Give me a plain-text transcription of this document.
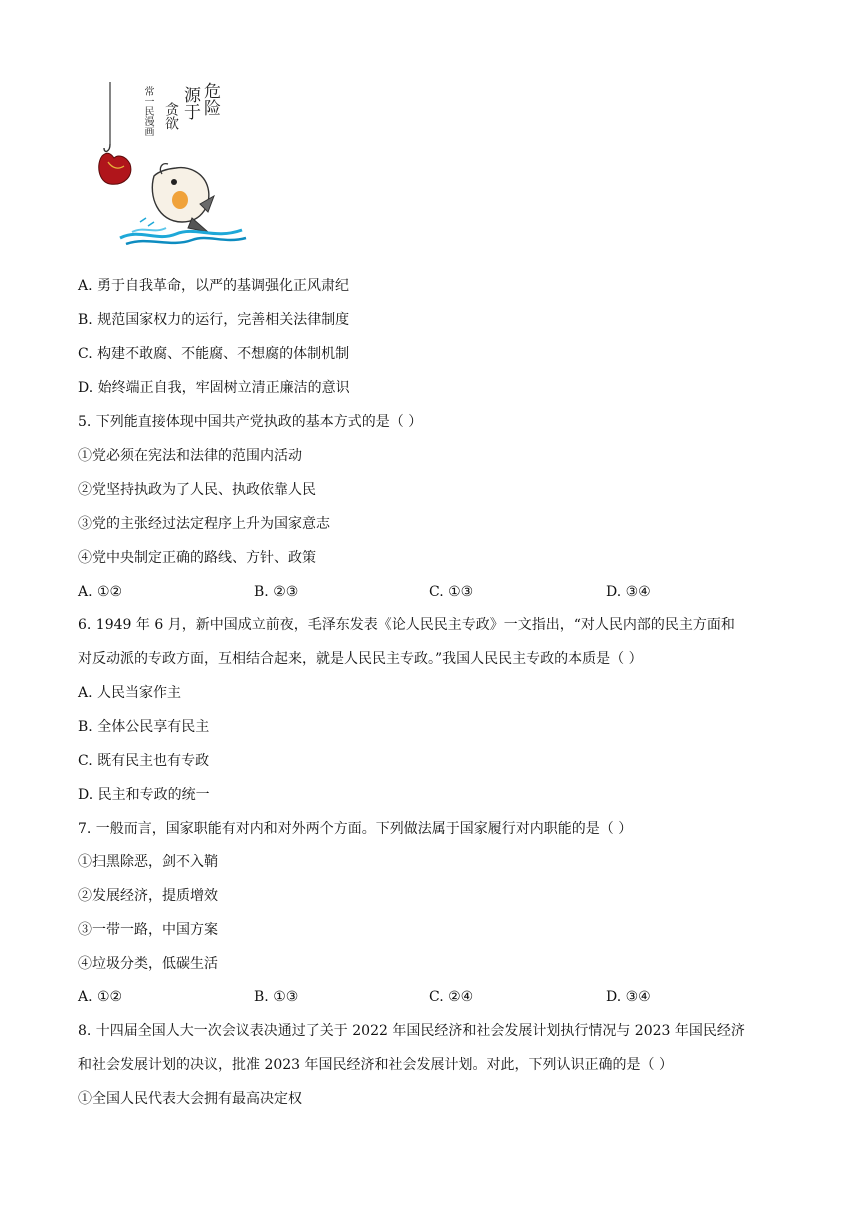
危险
源于
贪欲
常一民漫画
A. 勇于自我革命，以严的基调强化正风肃纪
B. 规范国家权力的运行，完善相关法律制度
C. 构建不敢腐、不能腐、不想腐的体制机制
D. 始终端正自我，牢固树立清正廉洁的意识
5. 下列能直接体现中国共产党执政的基本方式的是（ ）
①党必须在宪法和法律的范围内活动
②党坚持执政为了人民、执政依靠人民
③党的主张经过法定程序上升为国家意志
④党中央制定正确的路线、方针、政策
A. ①②	B. ②③	C. ①③	D. ③④
6. 1949 年 6 月，新中国成立前夜，毛泽东发表《论人民民主专政》一文指出，“对人民内部的民主方面和
对反动派的专政方面，互相结合起来，就是人民民主专政。”我国人民民主专政的本质是（ ）
A. 人民当家作主
B. 全体公民享有民主
C. 既有民主也有专政
D. 民主和专政的统一
7. 一般而言，国家职能有对内和对外两个方面。下列做法属于国家履行对内职能的是（ ）
①扫黑除恶，剑不入鞘
②发展经济，提质增效
③一带一路，中国方案
④垃圾分类，低碳生活
A. ①②	B. ①③	C. ②④	D. ③④
8. 十四届全国人大一次会议表决通过了关于 2022 年国民经济和社会发展计划执行情况与 2023 年国民经济
和社会发展计划的决议，批准 2023 年国民经济和社会发展计划。对此，下列认识正确的是（ ）
①全国人民代表大会拥有最高决定权
